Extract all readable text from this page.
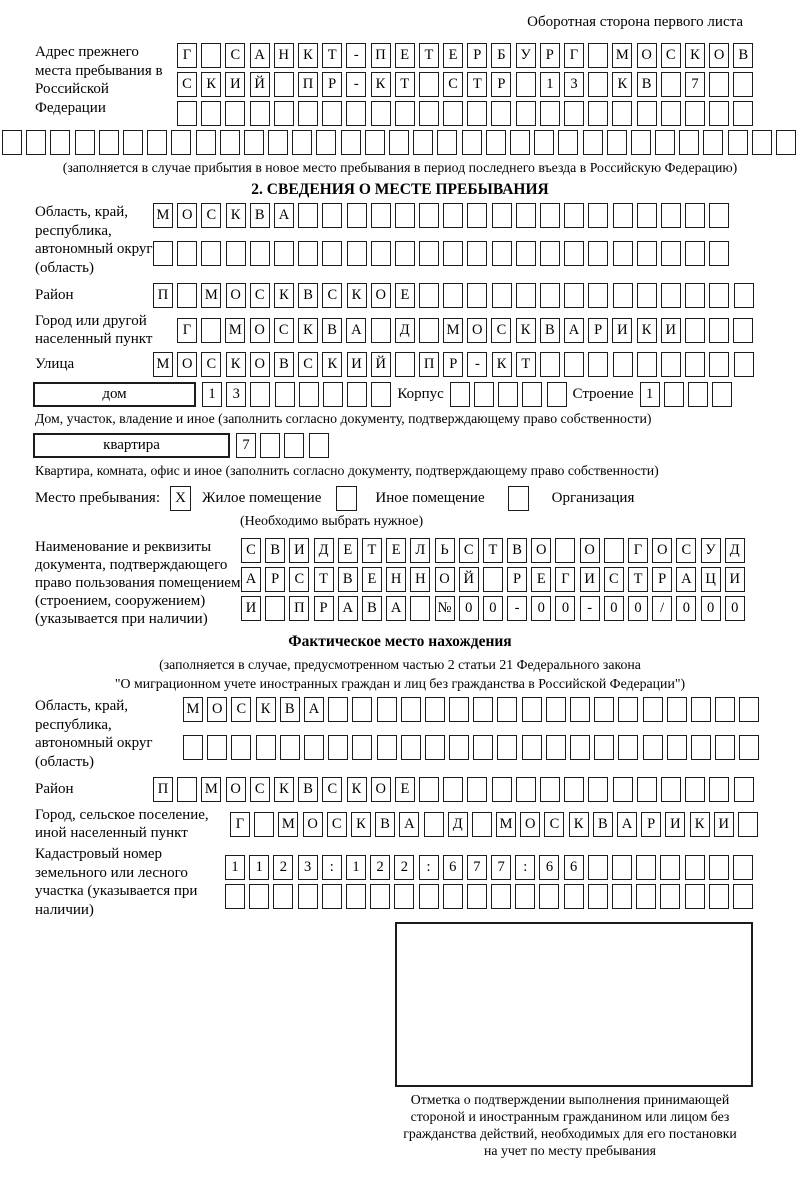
Оборотная сторона первого листа
Адрес прежнего места пребывания в Российской Федерации
Г	С А Н К	Т	-	П	Е	Т	Е	Р	Б	У	Р	Г	М О С	К О В
С	К И Й	П	Р	-	К	Т	С	Т	Р	1	3	К	В	7
(заполняется в случае прибытия в новое место пребывания в период последнего въезда в Российскую Федерацию)
2. СВЕДЕНИЯ О МЕСТЕ ПРЕБЫВАНИЯ
Область, край, республика, автономный округ (область)
М О С	К	В А
Район	П	М О С	К	В	С	К О	Е
Город или другой населенный пункт
Г	М О С	К	В А	Д	М О С	К	В А	Р	И К И
Улица	М О С	К О В	С	К И Й	П	Р	-	К	Т
дом	1	3	Корпус	Строение 1
Дом, участок, владение и иное (заполнить согласно документу, подтверждающему право собственности)
квартира	7
Квартира, комната, офис и иное (заполнить согласно документу, подтверждающему право собственности)
Место пребывания:	X	Жилое помещение	Иное помещение	Организация
(Необходимо выбрать нужное)
Наименование и реквизиты документа, подтверждающего право пользования помещением (строением, сооружением) (указывается при наличии)
С	В И Д	Е	Т	Е	Л	Ь	С	Т	В О	О	Г	О С У Д
А	Р	С	Т	В	Е	Н Н О Й	Р	Е	Г	И С	Т	Р	А Ц И
И	П	Р	А В А	№ 0	0	-	0	0	-	0	0	/	0	0	0
Фактическое место нахождения
(заполняется в случае, предусмотренном частью 2 статьи 21 Федерального закона
"О миграционном учете иностранных граждан и лиц без гражданства в Российской Федерации")
Область, край, республика, автономный округ (область)
М О С	К	В А
Район	П	М О С	К	В	С	К О	Е
Город, сельское поселение, иной населенный пункт
Г	М О С	К	В А	Д	М О С	К	В А	Р	И К И
Кадастровый номер земельного или лесного участка (указывается при наличии)
1	1	2	3	:	1	2	2	:	6	7	7	:	6	6
Отметка о подтверждении выполнения принимающей
стороной и иностранным гражданином или лицом без
гражданства действий, необходимых для его постановки
на учет по месту пребывания
